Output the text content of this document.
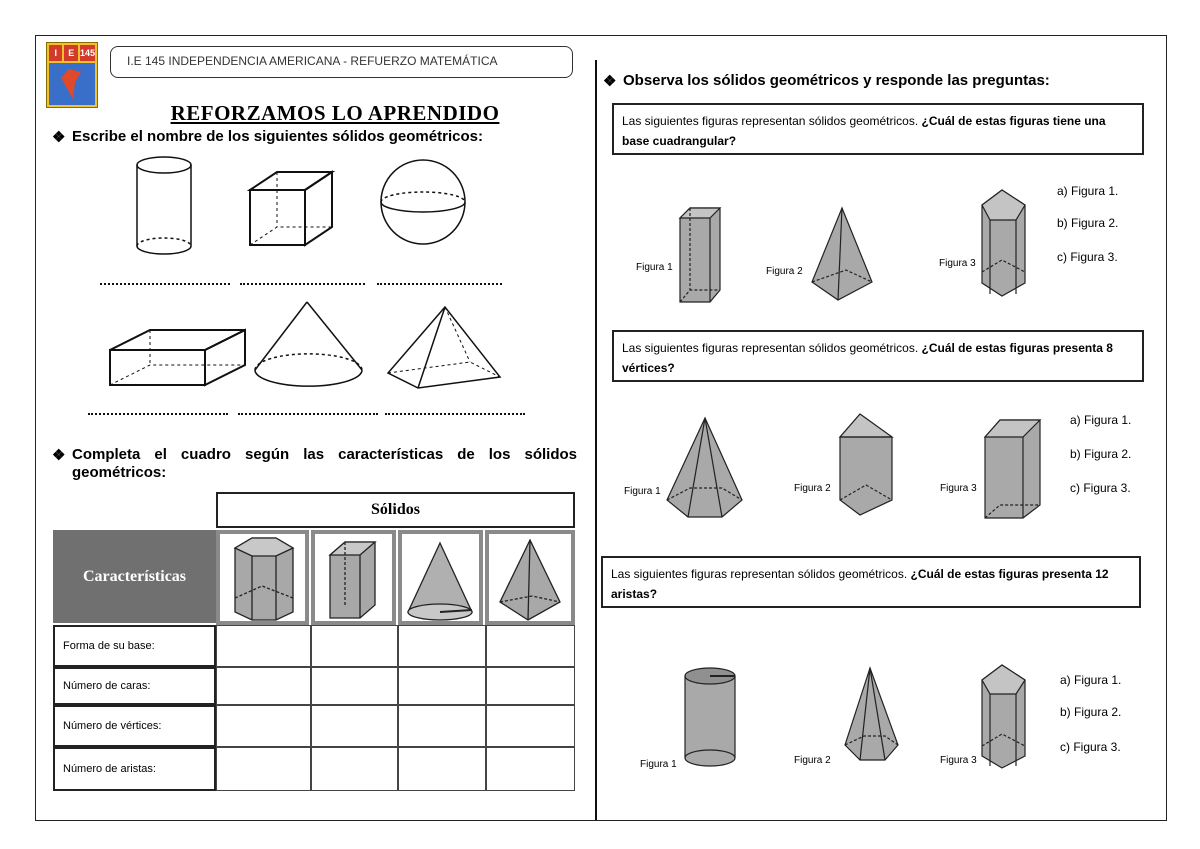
I	E 145
I.E 145 INDEPENDENCIA AMERICANA - REFUERZO MATEMÁTICA
REFORZAMOS LO APRENDIDO
❖ Escribe el nombre de los siguientes sólidos geométricos:
❖ Completa el cuadro según las características de los sólidos geométricos:
Sólidos
Características
Forma de su base:
Número de caras:
Número de vértices:
Número de aristas:
❖ Observa los sólidos geométricos y responde las preguntas:
Las siguientes figuras representan sólidos geométricos. ¿Cuál de estas figuras tiene una base cuadrangular?
Figura 1	Figura 2
Figura 3
a) Figura 1.
b) Figura 2.
c) Figura 3.
Las siguientes figuras representan sólidos geométricos. ¿Cuál de estas figuras presenta 8 vértices?
Figura 1	Figura 2	Figura 3
a) Figura 1.
b) Figura 2.
c) Figura 3.
Las siguientes figuras representan sólidos geométricos. ¿Cuál de estas figuras presenta 12 aristas?
Figura 1	Figura 2	Figura 3
a) Figura 1.
b) Figura 2.
c) Figura 3.
